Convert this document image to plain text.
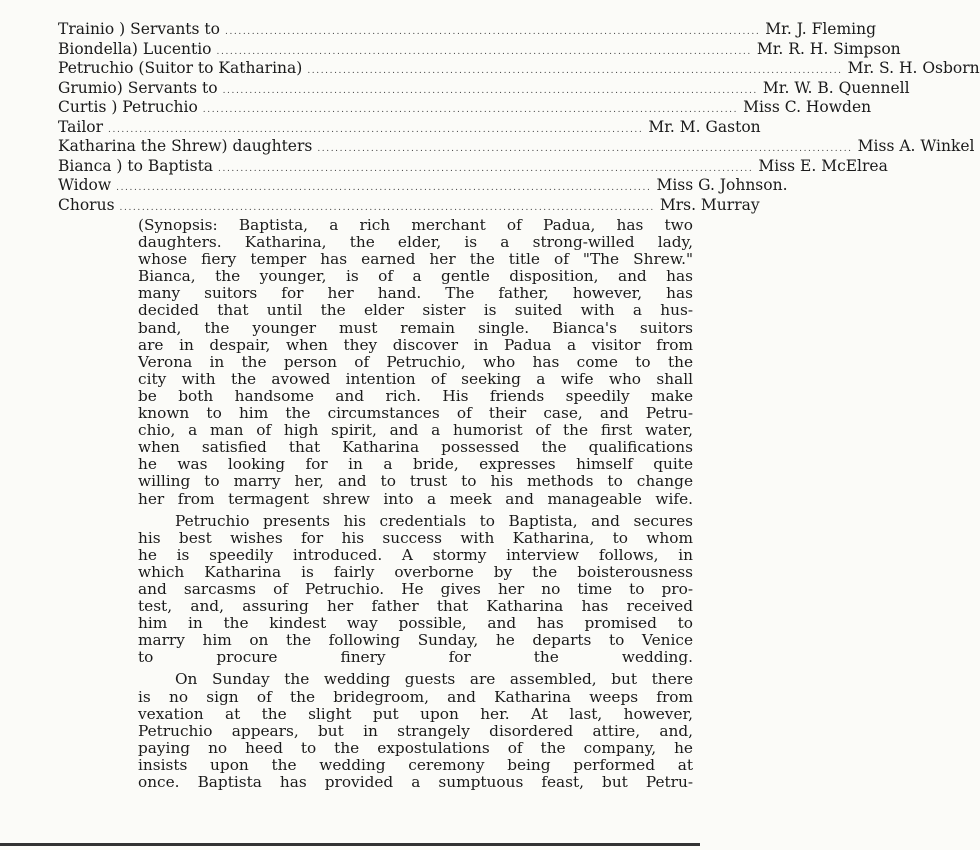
Trainio ) Servants to ........................................................................................................................ Mr. J. Fleming
Biondella) Lucentio ........................................................................................................................ Mr. R. H. Simpson
Petruchio (Suitor to Katharina) ........................................................................................................................ Mr. S. H. Osborn
Grumio) Servants to ........................................................................................................................ Mr. W. B. Quennell
Curtis ) Petruchio ........................................................................................................................ Miss C. Howden
Tailor ........................................................................................................................ Mr. M. Gaston
Katharina the Shrew) daughters ........................................................................................................................ Miss A. Winkel
Bianca ) to Baptista ........................................................................................................................ Miss E. McElrea
Widow ........................................................................................................................ Miss G. Johnson.
Chorus ........................................................................................................................ Mrs. Murray
(Synopsis: Baptista, a rich merchant of Padua, has two
daughters. Katharina, the elder, is a strong-willed lady,
whose fiery temper has earned her the title of "The Shrew."
Bianca, the younger, is of a gentle disposition, and has
many suitors for her hand. The father, however, has
decided that until the elder sister is suited with a hus-
band, the younger must remain single. Bianca's suitors
are in despair, when they discover in Padua a visitor from
Verona in the person of Petruchio, who has come to the
city with the avowed intention of seeking a wife who shall
be both handsome and rich. His friends speedily make
known to him the circumstances of their case, and Petru-
chio, a man of high spirit, and a humorist of the first water,
when satisfied that Katharina possessed the qualifications
he was looking for in a bride, expresses himself quite
willing to marry her, and to trust to his methods to change
her from termagent shrew into a meek and manageable wife.
Petruchio presents his credentials to Baptista, and secures
his best wishes for his success with Katharina, to whom
he is speedily introduced. A stormy interview follows, in
which Katharina is fairly overborne by the boisterousness
and sarcasms of Petruchio. He gives her no time to pro-
test, and, assuring her father that Katharina has received
him in the kindest way possible, and has promised to
marry him on the following Sunday, he departs to Venice
to procure finery for the wedding.
On Sunday the wedding guests are assembled, but there
is no sign of the bridegroom, and Katharina weeps from
vexation at the slight put upon her. At last, however,
Petruchio appears, but in strangely disordered attire, and,
paying no heed to the expostulations of the company, he
insists upon the wedding ceremony being performed at
once. Baptista has provided a sumptuous feast, but Petru-
